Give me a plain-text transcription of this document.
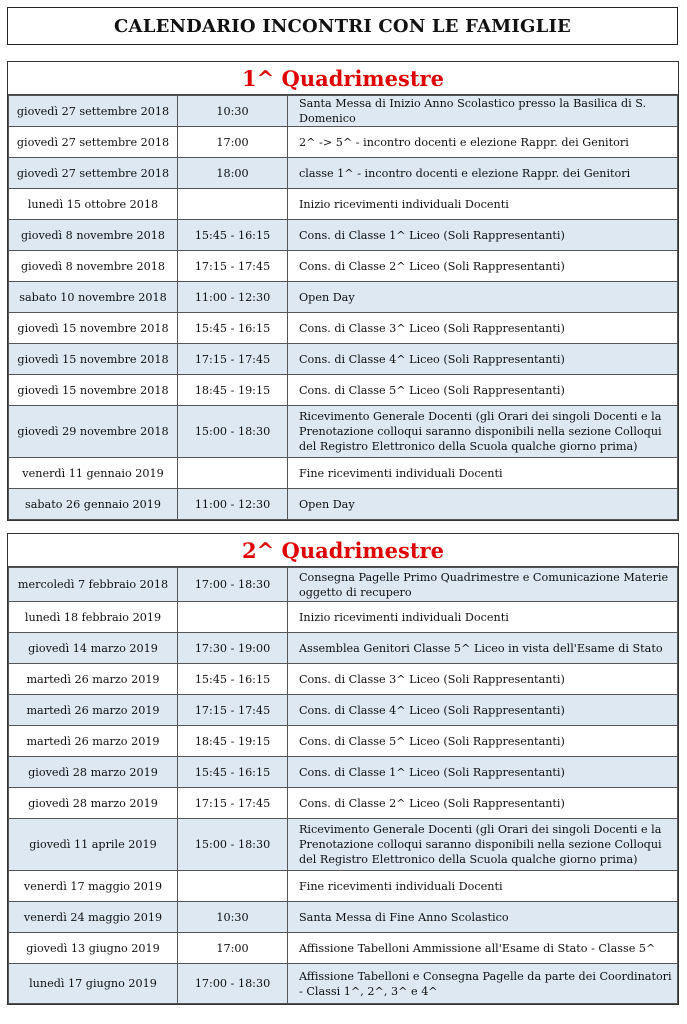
CALENDARIO INCONTRI CON LE FAMIGLIE
1^ Quadrimestre
giovedì 27 settembre 2018	10:30	Santa Messa di Inizio Anno Scolastico presso la Basilica di S. Domenico
giovedì 27 settembre 2018	17:00	2^ -> 5^ - incontro docenti e elezione Rappr. dei Genitori
giovedì 27 settembre 2018	18:00	classe 1^ - incontro docenti e elezione Rappr. dei Genitori
lunedì 15 ottobre 2018		Inizio ricevimenti individuali Docenti
giovedì 8 novembre 2018	15:45 - 16:15	Cons. di Classe 1^ Liceo (Soli Rappresentanti)
giovedì 8 novembre 2018	17:15 - 17:45	Cons. di Classe 2^ Liceo (Soli Rappresentanti)
sabato 10 novembre 2018	11:00 - 12:30	Open Day
giovedì 15 novembre 2018	15:45 - 16:15	Cons. di Classe 3^ Liceo (Soli Rappresentanti)
giovedì 15 novembre 2018	17:15 - 17:45	Cons. di Classe 4^ Liceo (Soli Rappresentanti)
giovedì 15 novembre 2018	18:45 - 19:15	Cons. di Classe 5^ Liceo (Soli Rappresentanti)
giovedì 29 novembre 2018	15:00 - 18:30	Ricevimento Generale Docenti (gli Orari dei singoli Docenti e la Prenotazione colloqui saranno disponibili nella sezione Colloqui del Registro Elettronico della Scuola qualche giorno prima)
venerdì 11 gennaio 2019		Fine ricevimenti individuali Docenti
sabato 26 gennaio 2019	11:00 - 12:30	Open Day
2^ Quadrimestre
mercoledì 7 febbraio 2018	17:00 - 18:30	Consegna Pagelle Primo Quadrimestre e Comunicazione Materie oggetto di recupero
lunedì 18 febbraio 2019		Inizio ricevimenti individuali Docenti
giovedì 14 marzo 2019	17:30 - 19:00	Assemblea Genitori Classe 5^ Liceo in vista dell'Esame di Stato
martedì 26 marzo 2019	15:45 - 16:15	Cons. di Classe 3^ Liceo (Soli Rappresentanti)
martedì 26 marzo 2019	17:15 - 17:45	Cons. di Classe 4^ Liceo (Soli Rappresentanti)
martedì 26 marzo 2019	18:45 - 19:15	Cons. di Classe 5^ Liceo (Soli Rappresentanti)
giovedì 28 marzo 2019	15:45 - 16:15	Cons. di Classe 1^ Liceo (Soli Rappresentanti)
giovedì 28 marzo 2019	17:15 - 17:45	Cons. di Classe 2^ Liceo (Soli Rappresentanti)
giovedì 11 aprile 2019	15:00 - 18:30	Ricevimento Generale Docenti (gli Orari dei singoli Docenti e la Prenotazione colloqui saranno disponibili nella sezione Colloqui del Registro Elettronico della Scuola qualche giorno prima)
venerdì 17 maggio 2019		Fine ricevimenti individuali Docenti
venerdì 24 maggio 2019	10:30	Santa Messa di Fine Anno Scolastico
giovedì 13 giugno 2019	17:00	Affissione Tabelloni Ammissione all'Esame di Stato - Classe 5^
lunedì 17 giugno 2019	17:00 - 18:30	Affissione Tabelloni e Consegna Pagelle da parte dei Coordinatori - Classi 1^, 2^, 3^ e 4^
